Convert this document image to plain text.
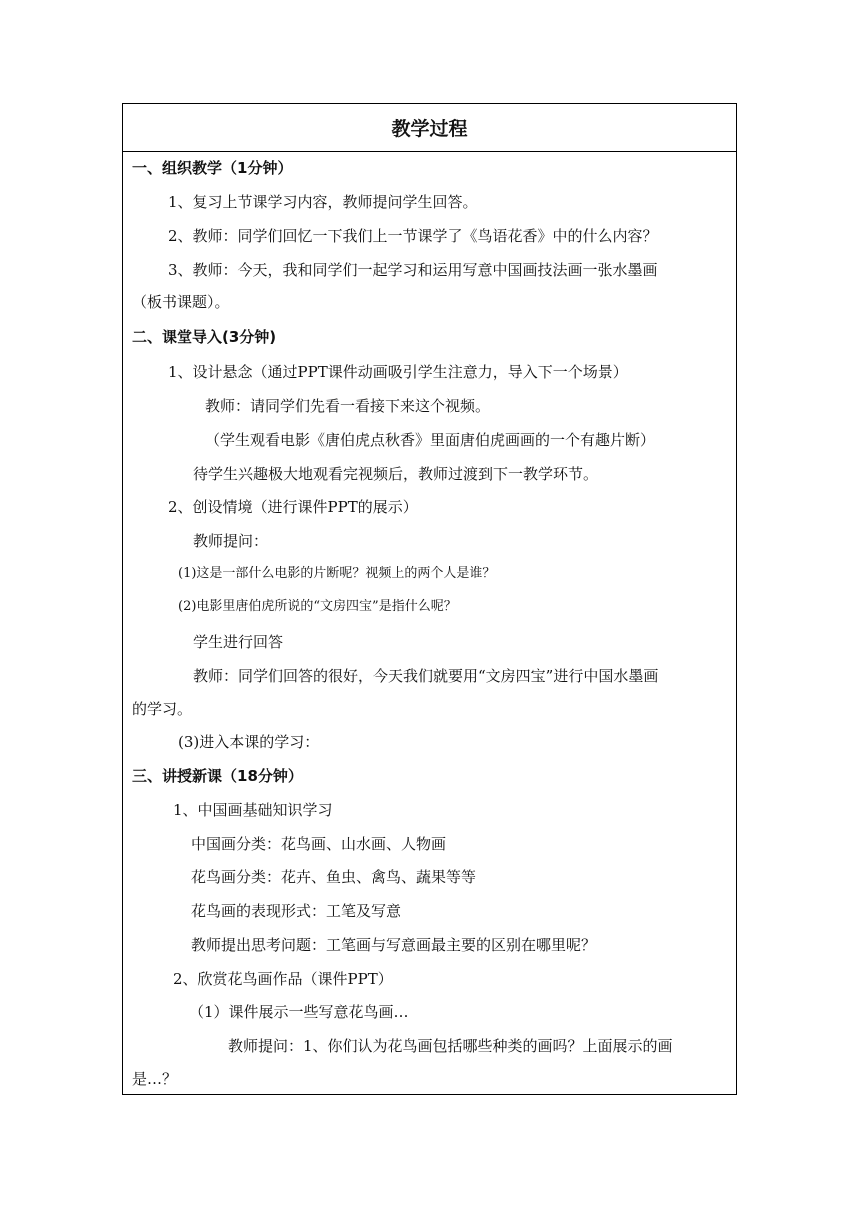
教学过程
一、组织教学（1分钟）
1、复习上节课学习内容，教师提问学生回答。
2、教师：同学们回忆一下我们上一节课学了《鸟语花香》中的什么内容？
3、教师：今天，我和同学们一起学习和运用写意中国画技法画一张水墨画
（板书课题）。
二、课堂导入(3分钟)
1、设计悬念（通过PPT课件动画吸引学生注意力，导入下一个场景）
教师：请同学们先看一看接下来这个视频。
（学生观看电影《唐伯虎点秋香》里面唐伯虎画画的一个有趣片断）
待学生兴趣极大地观看完视频后，教师过渡到下一教学环节。
2、创设情境（进行课件PPT的展示）
教师提问：
(1)这是一部什么电影的片断呢？视频上的两个人是谁？
(2)电影里唐伯虎所说的“文房四宝”是指什么呢？
学生进行回答
教师：同学们回答的很好，今天我们就要用“文房四宝”进行中国水墨画
的学习。
(3)进入本课的学习：
三、讲授新课（18分钟）
1、中国画基础知识学习
中国画分类：花鸟画、山水画、人物画
花鸟画分类：花卉、鱼虫、禽鸟、蔬果等等
花鸟画的表现形式：工笔及写意
教师提出思考问题：工笔画与写意画最主要的区别在哪里呢？
2、欣赏花鸟画作品（课件PPT）
（1）课件展示一些写意花鸟画…
教师提问：1、你们认为花鸟画包括哪些种类的画吗？上面展示的画
是…？
